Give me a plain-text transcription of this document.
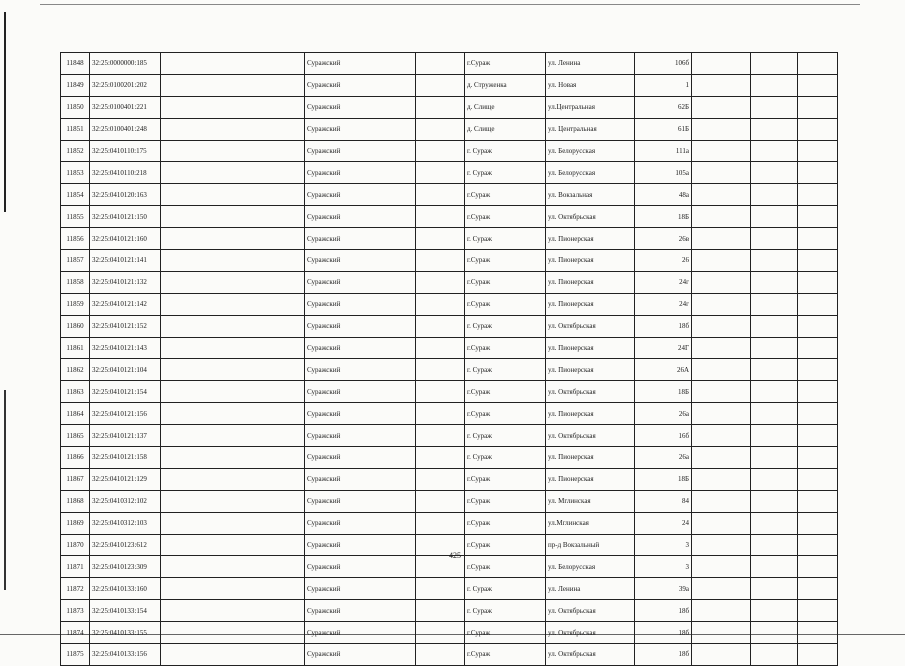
11848	32:25:0000000:185		Суражский		г.Сураж	ул. Ленина	106б			
11849	32:25:0100201:202		Суражский		д. Струженка	ул. Новая	1			
11850	32:25:0100401:221		Суражский		д. Слище	ул.Центральная	62Б			
11851	32:25:0100401:248		Суражский		д. Слище	ул. Центральная	61Б			
11852	32:25:0410110:175		Суражский		г. Сураж	ул. Белорусская	111а			
11853	32:25:0410110:218		Суражский		г. Сураж	ул. Белорусская	105а			
11854	32:25:0410120:163		Суражский		г.Сураж	ул. Вокзальная	48а			
11855	32:25:0410121:150		Суражский		г.Сураж	ул. Октябрьская	18Б			
11856	32:25:0410121:160		Суражский		г. Сураж	ул. Пионерская	26в			
11857	32:25:0410121:141		Суражский		г.Сураж	ул. Пионерская	26			
11858	32:25:0410121:132		Суражский		г.Сураж	ул. Пионерская	24г			
11859	32:25:0410121:142		Суражский		г.Сураж	ул. Пионерская	24г			
11860	32:25:0410121:152		Суражский		г. Сураж	ул. Октябрьская	18б			
11861	32:25:0410121:143		Суражский		г.Сураж	ул. Пионерская	24Г			
11862	32:25:0410121:104		Суражский		г. Сураж	ул. Пионерская	26А			
11863	32:25:0410121:154		Суражский		г.Сураж	ул. Октябрьская	18Б			
11864	32:25:0410121:156		Суражский		г.Сураж	ул. Пионерская	26а			
11865	32:25:0410121:137		Суражский		г. Сураж	ул. Октябрьская	16б			
11866	32:25:0410121:158		Суражский		г. Сураж	ул. Пионерская	26а			
11867	32:25:0410121:129		Суражский		г.Сураж	ул. Пионерская	18Б			
11868	32:25:0410312:102		Суражский		г.Сураж	ул. Мглинская	84			
11869	32:25:0410312:103		Суражский		г.Сураж	ул.Мглинская	24			
11870	32:25:0410123:612		Суражский		г.Сураж	пр-д Вокзальный	3			
11871	32:25:0410123:309		Суражский		г.Сураж	ул. Белорусская	3			
11872	32:25:0410133:160		Суражский		г. Сураж	ул. Ленина	39а			
11873	32:25:0410133:154		Суражский		г. Сураж	ул. Октябрьская	18б			
11874	32:25:0410133:155		Суражский		г.Сураж	ул. Октябрьская	18б			
11875	32:25:0410133:156		Суражский		г.Сураж	ул. Октябрьская	18б			
425
